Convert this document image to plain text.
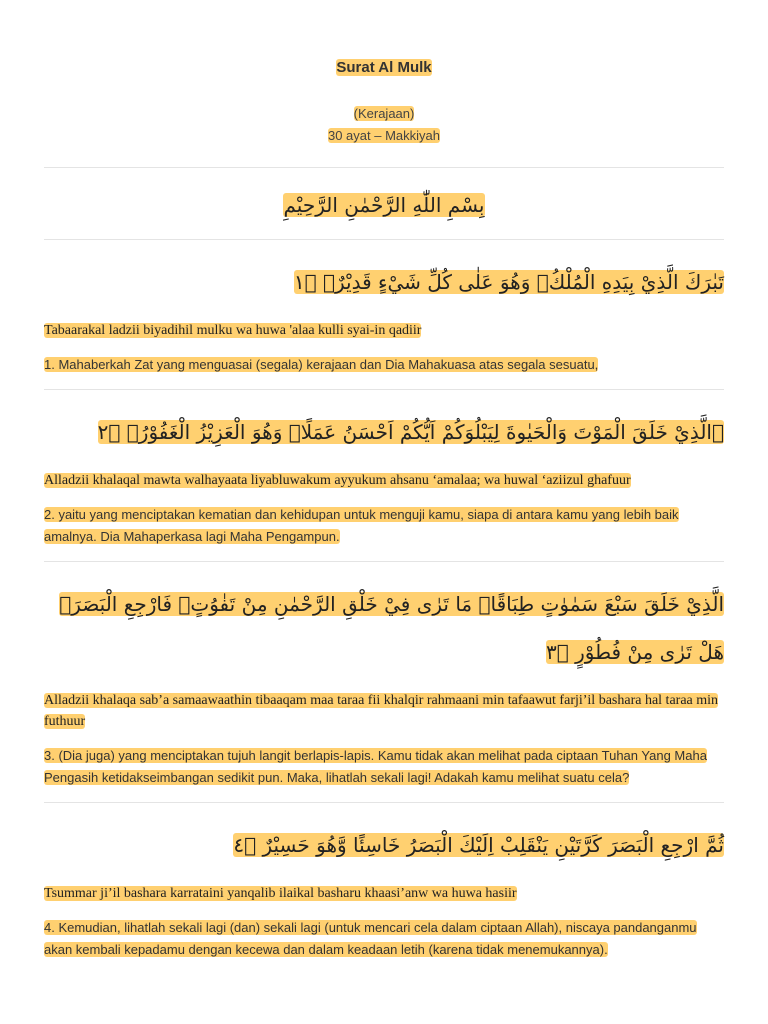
Surat Al Mulk

(Kerajaan)
30 ayat – Makkiyah
بِسْمِ اللّٰهِ الرَّحْمٰنِ الرَّحِيْمِ

تَبٰرَكَ الَّذِيْ بِيَدِهِ الْمُلْكُۖ وَهُوَ عَلٰى كُلِّ شَيْءٍ قَدِيْرٌۙ ١ۙ

Tabaarakal ladzii biyadihil mulku wa huwa 'alaa kulli syai-in qadiir

1. Mahaberkah Zat yang menguasai (segala) kerajaan dan Dia Mahakuasa atas segala sesuatu,

ۨالَّذِيْ خَلَقَ الْمَوْتَ وَالْحَيٰوةَ لِيَبْلُوَكُمْ اَيُّكُمْ اَحْسَنُ عَمَلًاۗ وَهُوَ الْعَزِيْزُ الْغَفُوْرُۙ ٢ۙ

Alladzii khalaqal mawta walhayaata liyabluwakum ayyukum ahsanu ‘amalaa; wa huwal ‘aziizul ghafuur

2. yaitu yang menciptakan kematian dan kehidupan untuk menguji kamu, siapa di antara kamu yang lebih baik amalnya. Dia Mahaperkasa lagi Maha Pengampun.

الَّذِيْ خَلَقَ سَبْعَ سَمٰوٰتٍ طِبَاقًاۗ مَا تَرٰى فِيْ خَلْقِ الرَّحْمٰنِ مِنْ تَفٰوُتٍۗ فَارْجِعِ الْبَصَرَۙ هَلْ تَرٰى مِنْ فُطُوْرٍ ٣ۙ

Alladzii khalaqa sab’a samaawaathin tibaaqam maa taraa fii khalqir rahmaani min tafaawut farji’il bashara hal taraa min futhuur

3. (Dia juga) yang menciptakan tujuh langit berlapis-lapis. Kamu tidak akan melihat pada ciptaan Tuhan Yang Maha Pengasih ketidakseimbangan sedikit pun. Maka, lihatlah sekali lagi! Adakah kamu melihat suatu cela?

ثُمَّ ارْجِعِ الْبَصَرَ كَرَّتَيْنِ يَنْقَلِبْ اِلَيْكَ الْبَصَرُ خَاسِئًا وَّهُوَ حَسِيْرٌ ٤ۙ

Tsummar ji’il bashara karrataini yanqalib ilaikal basharu khaasi’anw wa huwa hasiir

4. Kemudian, lihatlah sekali lagi (dan) sekali lagi (untuk mencari cela dalam ciptaan Allah), niscaya pandanganmu akan kembali kepadamu dengan kecewa dan dalam keadaan letih (karena tidak menemukannya).
